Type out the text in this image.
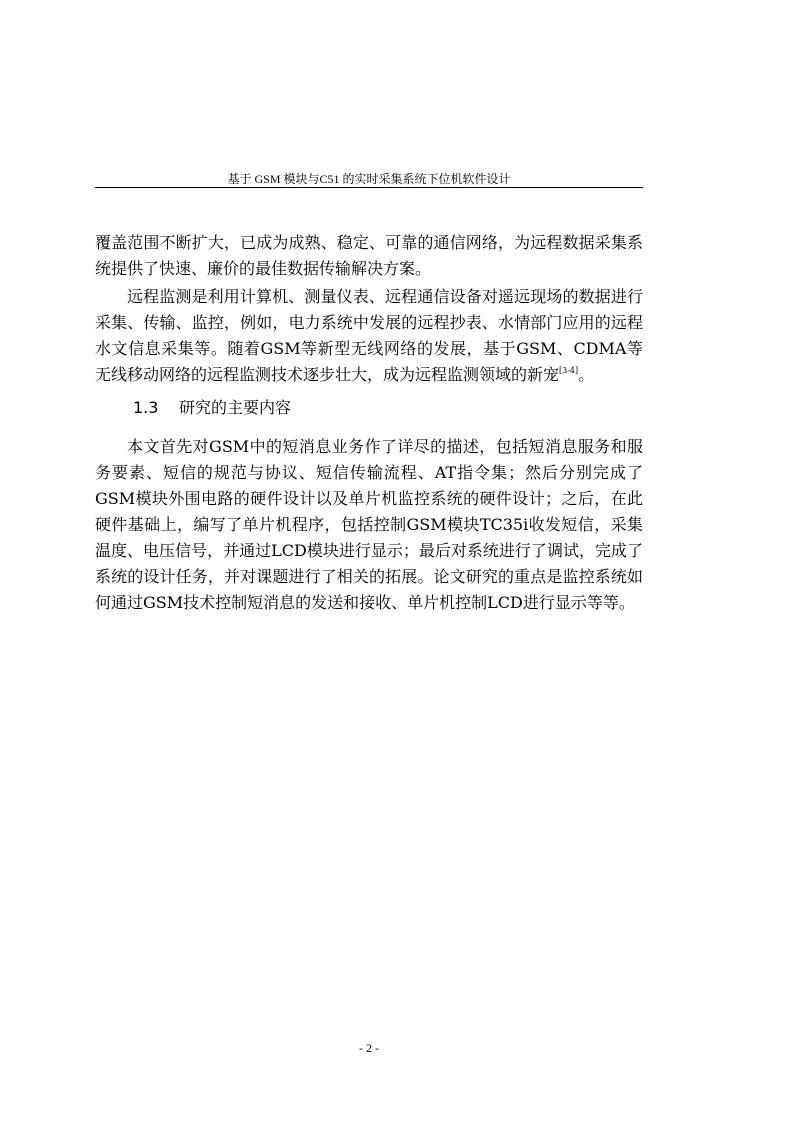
基于 GSM 模块与C51 的实时采集系统下位机软件设计
覆盖范围不断扩大，已成为成熟、稳定、可靠的通信网络，为远程数据采集系统提供了快速、廉价的最佳数据传输解决方案。
远程监测是利用计算机、测量仪表、远程通信设备对遥远现场的数据进行采集、传输、监控，例如，电力系统中发展的远程抄表、水情部门应用的远程水文信息采集等。随着GSM等新型无线网络的发展，基于GSM、CDMA等无线移动网络的远程监测技术逐步壮大，成为远程监测领域的新宠[3-4]。
1.3 研究的主要内容
本文首先对GSM中的短消息业务作了详尽的描述，包括短消息服务和服务要素、短信的规范与协议、短信传输流程、AT指令集；然后分别完成了GSM模块外围电路的硬件设计以及单片机监控系统的硬件设计；之后，在此硬件基础上，编写了单片机程序，包括控制GSM模块TC35i收发短信，采集温度、电压信号，并通过LCD模块进行显示；最后对系统进行了调试，完成了系统的设计任务，并对课题进行了相关的拓展。论文研究的重点是监控系统如何通过GSM技术控制短消息的发送和接收、单片机控制LCD进行显示等等。
- 2 -
